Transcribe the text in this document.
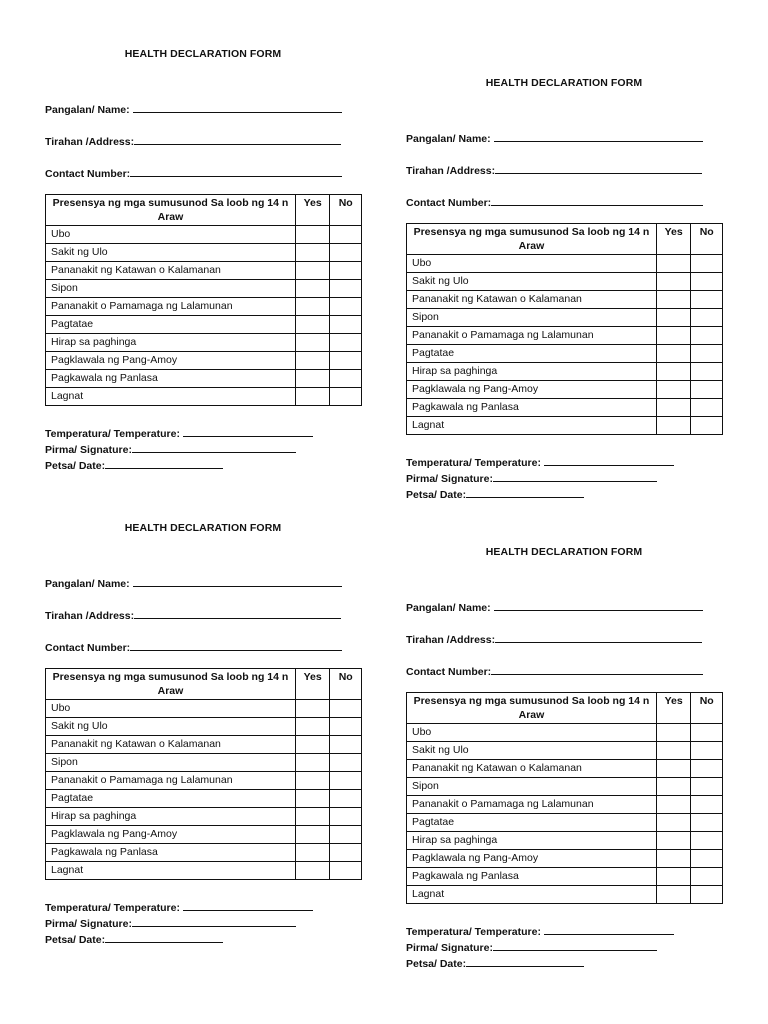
HEALTH DECLARATION FORM
Pangalan/ Name:
Tirahan /Address:
Contact Number:
Presensya ng mga sumusunod Sa loob ng 14 n Araw	Yes	No
Ubo		
Sakit ng Ulo		
Pananakit ng Katawan o Kalamanan		
Sipon		
Pananakit o Pamamaga ng Lalamunan		
Pagtatae		
Hirap sa paghinga		
Pagklawala ng Pang-Amoy		
Pagkawala ng Panlasa		
Lagnat		
Temperatura/ Temperature:
Pirma/ Signature:
Petsa/ Date:
HEALTH DECLARATION FORM
Pangalan/ Name:
Tirahan /Address:
Contact Number:
Presensya ng mga sumusunod Sa loob ng 14 n Araw	Yes	No
Ubo		
Sakit ng Ulo		
Pananakit ng Katawan o Kalamanan		
Sipon		
Pananakit o Pamamaga ng Lalamunan		
Pagtatae		
Hirap sa paghinga		
Pagklawala ng Pang-Amoy		
Pagkawala ng Panlasa		
Lagnat		
Temperatura/ Temperature:
Pirma/ Signature:
Petsa/ Date:
HEALTH DECLARATION FORM
Pangalan/ Name:
Tirahan /Address:
Contact Number:
Presensya ng mga sumusunod Sa loob ng 14 n Araw	Yes	No
Ubo		
Sakit ng Ulo		
Pananakit ng Katawan o Kalamanan		
Sipon		
Pananakit o Pamamaga ng Lalamunan		
Pagtatae		
Hirap sa paghinga		
Pagklawala ng Pang-Amoy		
Pagkawala ng Panlasa		
Lagnat		
Temperatura/ Temperature:
Pirma/ Signature:
Petsa/ Date:
HEALTH DECLARATION FORM
Pangalan/ Name:
Tirahan /Address:
Contact Number:
Presensya ng mga sumusunod Sa loob ng 14 n Araw	Yes	No
Ubo		
Sakit ng Ulo		
Pananakit ng Katawan o Kalamanan		
Sipon		
Pananakit o Pamamaga ng Lalamunan		
Pagtatae		
Hirap sa paghinga		
Pagklawala ng Pang-Amoy		
Pagkawala ng Panlasa		
Lagnat		
Temperatura/ Temperature:
Pirma/ Signature:
Petsa/ Date:
